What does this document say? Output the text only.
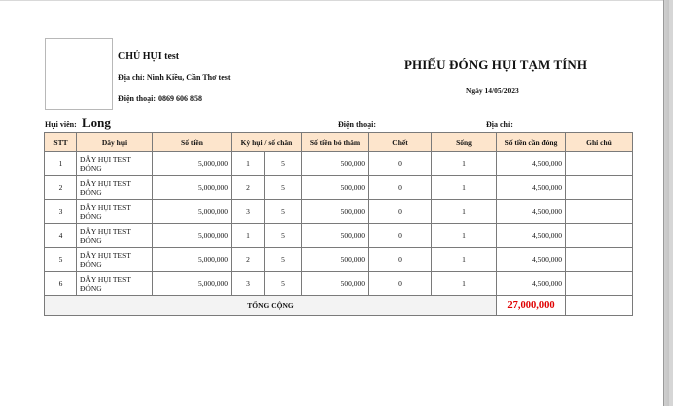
CHỦ HỤI test
Địa chỉ: Ninh Kiều, Cần Thơ test
Điện thoại: 0869 606 858
PHIẾU ĐÓNG HỤI TẠM TÍNH
Ngày 14/05/2023
Hụi viên: Long	Điện thoại:	Địa chỉ:
STT	Dây hụi	Số tiền	Kỳ hụi / số chân		Số tiền bỏ thăm	Chết	Sống	Số tiền cần đóng	Ghi chú
1	DÂY HỤI TEST ĐÓNG	5,000,000	1	5	500,000	0	1	4,500,000	
2	DÂY HỤI TEST ĐÓNG	5,000,000	2	5	500,000	0	1	4,500,000	
3	DÂY HỤI TEST ĐÓNG	5,000,000	3	5	500,000	0	1	4,500,000	
4	DÂY HỤI TEST ĐÓNG	5,000,000	1	5	500,000	0	1	4,500,000	
5	DÂY HỤI TEST ĐÓNG	5,000,000	2	5	500,000	0	1	4,500,000	
6	DÂY HỤI TEST ĐÓNG	5,000,000	3	5	500,000	0	1	4,500,000	
TỔNG CỘNG								27,000,000	
